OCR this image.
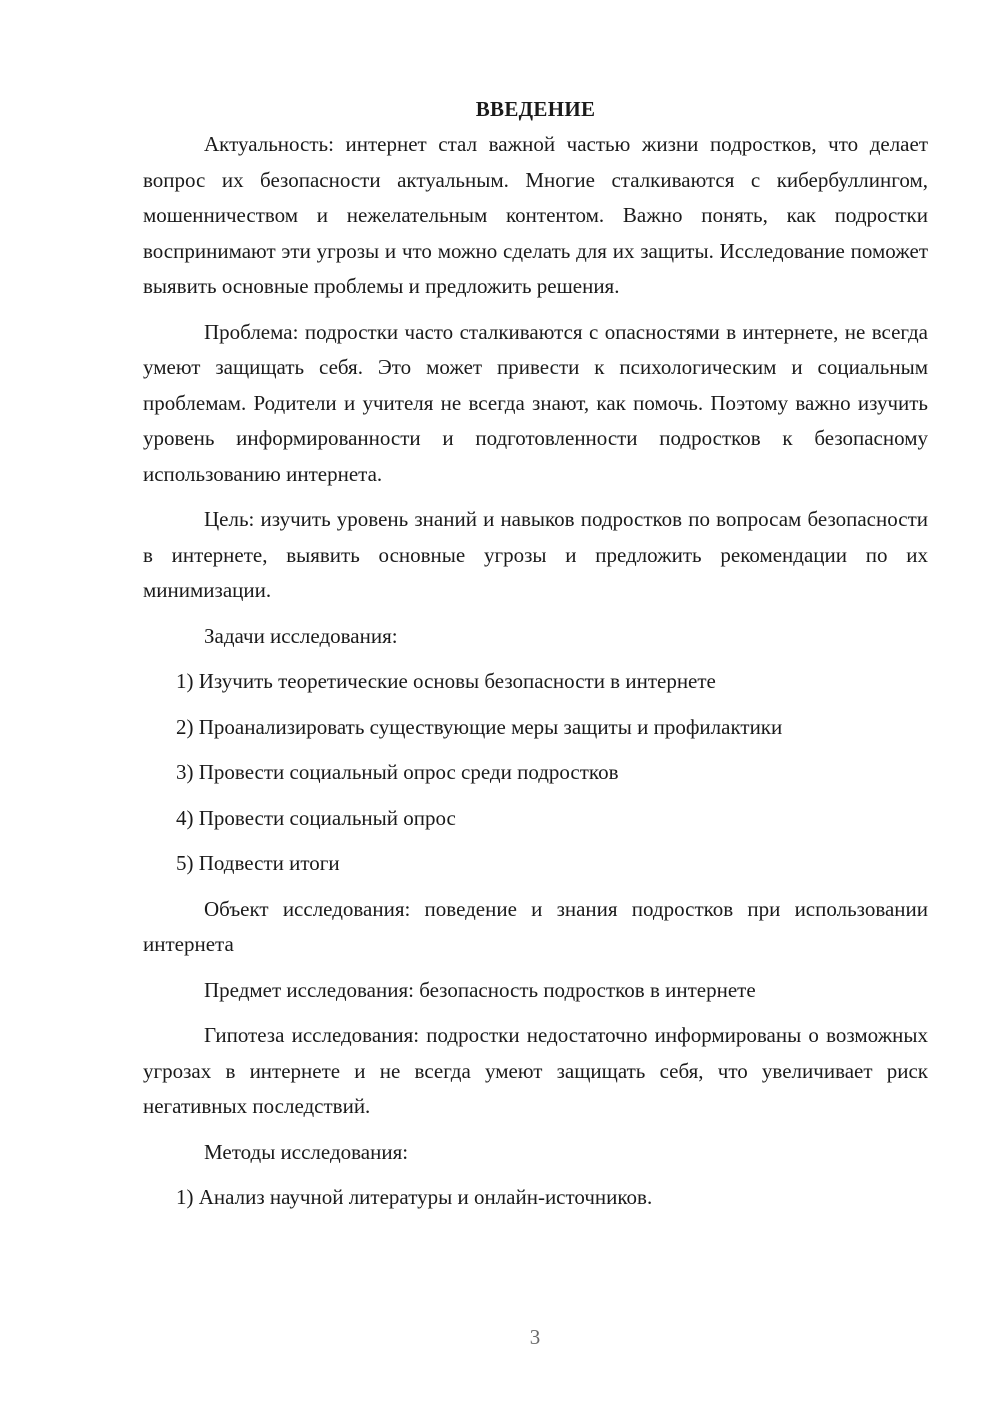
ВВЕДЕНИЕ

Актуальность: интернет стал важной частью жизни подростков, что делает вопрос их безопасности актуальным. Многие сталкиваются с кибербуллингом, мошенничеством и нежелательным контентом. Важно понять, как подростки воспринимают эти угрозы и что можно сделать для их защиты. Исследование поможет выявить основные проблемы и предложить решения.

Проблема: подростки часто сталкиваются с опасностями в интернете, не всегда умеют защищать себя. Это может привести к психологическим и социальным проблемам. Родители и учителя не всегда знают, как помочь. Поэтому важно изучить уровень информированности и подготовленности подростков к безопасному использованию интернета.

Цель: изучить уровень знаний и навыков подростков по вопросам безопасности в интернете, выявить основные угрозы и предложить рекомендации по их минимизации.

Задачи исследования:
1) Изучить теоретические основы безопасности в интернете
2) Проанализировать существующие меры защиты и профилактики
3) Провести социальный опрос среди подростков
4) Провести социальный опрос
5) Подвести итоги

Объект исследования: поведение и знания подростков при использовании интернета

Предмет исследования: безопасность подростков в интернете

Гипотеза исследования: подростки недостаточно информированы о возможных угрозах в интернете и не всегда умеют защищать себя, что увеличивает риск негативных последствий.

Методы исследования:
1) Анализ научной литературы и онлайн-источников.
3
